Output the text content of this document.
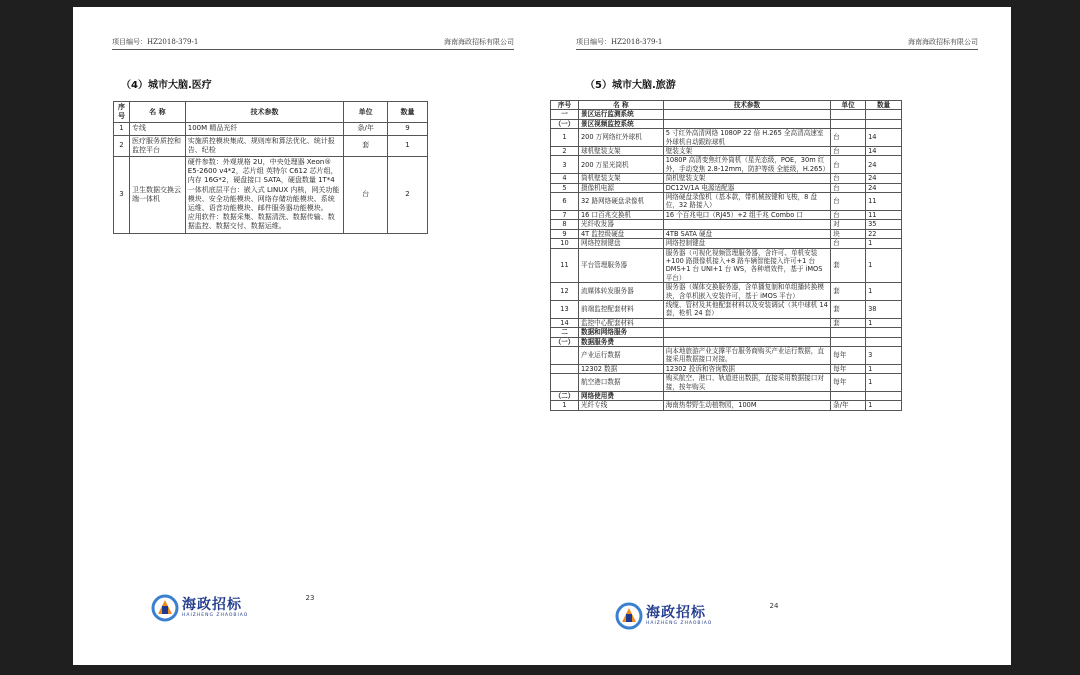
项目编号：HZ2018-379-1	海南海政招标有限公司
（4）城市大脑.医疗
序号	名 称	技术参数	单位	数量
1	专线	100M 精品光纤	条/年	9
2	医疗服务质控和监控平台	实施质控模块集成、规则库和算法优化、统计报告、纪检	套	1
3	卫生数据交换云端一体机	硬件参数：外观规格 2U，中央处理器 Xeon® E5-2600 v4*2，芯片组 英特尔 C612 芯片组，内存 16G*2，硬盘接口 SATA，硬盘数量 1T*4
一体机底层平台：嵌入式 LINUX 内核，网关功能模块、安全功能模块、网络存储功能模块、系统运维、语音功能模块、邮件服务器功能模块。
应用软件：数据采集、数据清洗、数据传输、数据监控、数据交付、数据运维。	台	2
海政招标
HAIZHENG ZHAOBIAO
23
项目编号：HZ2018-379-1	海南海政招标有限公司
（5）城市大脑.旅游
序号	名 称	技术参数	单位	数量
一	景区运行监测系统			
（一）	景区视频监控系统			
1	200 万网络红外球机	5 寸红外高清网络 1080P 22 倍 H.265 全高清高速室外球机自动跟踪球机	台	14
2	球机壁装支架	壁装支架	台	14
3	200 万星光筒机	1080P 高清变焦红外筒机（星光态级，POE，30m 红外，手动变焦 2.8-12mm，防护等级 全能级，H.265）	台	24
4	筒机壁装支架	筒机壁装支架	台	24
5	摄像机电源	DC12V/1A 电源适配器	台	24
6	32 路网络硬盘录像机	网络硬盘录像机（基本款，带机械按键和飞梭，8 盘位，32 路接入）	台	11
7	16 口百兆交换机	16 个百兆电口（RJ45）+2 组千兆 Combo 口	台	11
8	光纤收发器		对	35
9	4T 监控级硬盘	4TB SATA 硬盘	块	22
10	网络控制键盘	网络控制键盘	台	1
11	平台管理服务器	服务器（可视化视频管理服务器，含许可、单机安装+100 路摄像机接入+8 路车辆智能接入许可+1 台 DMS+1 台 UNI+1 台 WS，各种增效件，基于 iMOS 平台）	套	1
12	流媒体转发服务器	服务器（媒体交换服务器，含单播复制和单组播转换模块，含单机嵌入安装许可，基于 iMOS 平台）	套	1
13	前端监控配套材料	线缆、管材及其他配套材料以及安装调试（其中球机 14 套，枪机 24 套）	套	38
14	监控中心配套材料		套	1
二	数据和网络服务			
（一）	数据服务费			
	产业运行数据	向本地旅游产业支撑平台服务商购买产业运行数据，直接采用数据接口对接。	每年	3
	12302 数据	12302 投诉和咨询数据	每年	1
	航空港口数据	购买航空、港口、轨道进出数据，直接采用数据接口对接，按年购买	每年	1
（二）	网络使用费			
1	光纤专线	海南热带野生动植物园，100M	条/年	1
海政招标
HAIZHENG ZHAOBIAO
24
